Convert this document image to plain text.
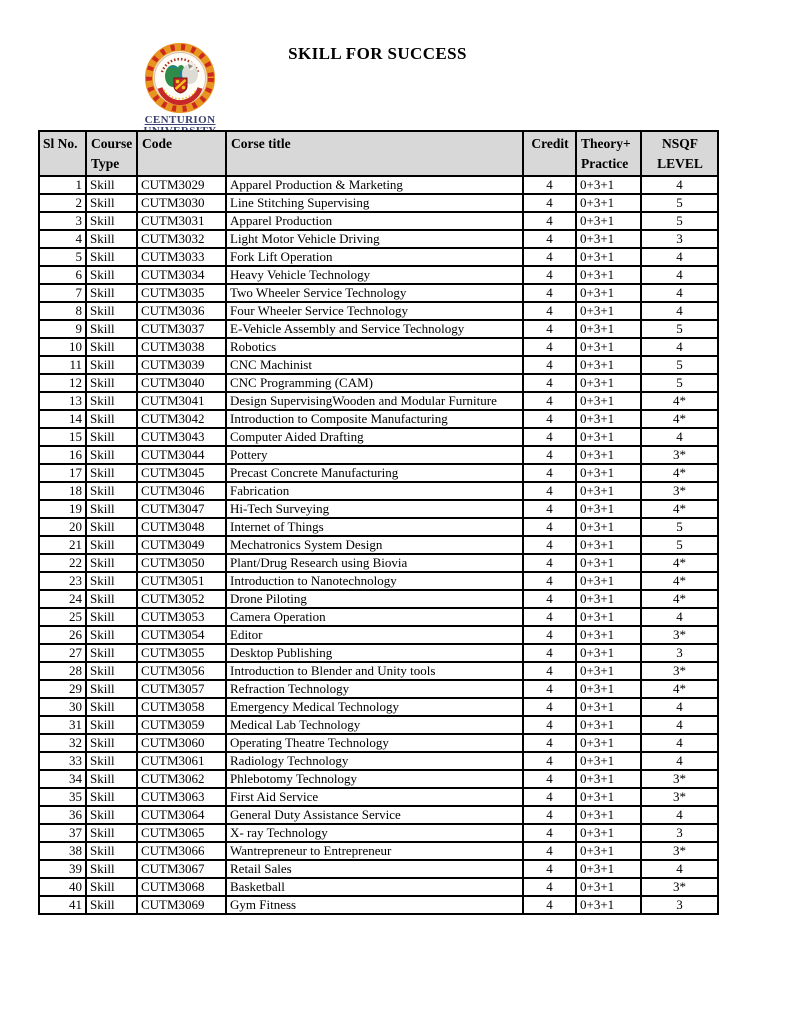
SKILL FOR SUCCESS
CENTURION
Sl No.	Course Type	Code	Corse title	Credit	Theory+ Practice	NSQF LEVEL
1	Skill	CUTM3029	Apparel Production & Marketing	4	0+3+1	4
2	Skill	CUTM3030	Line Stitching Supervising	4	0+3+1	5
3	Skill	CUTM3031	Apparel Production	4	0+3+1	5
4	Skill	CUTM3032	Light Motor Vehicle Driving	4	0+3+1	3
5	Skill	CUTM3033	Fork Lift Operation	4	0+3+1	4
6	Skill	CUTM3034	Heavy Vehicle Technology	4	0+3+1	4
7	Skill	CUTM3035	Two Wheeler Service Technology	4	0+3+1	4
8	Skill	CUTM3036	Four Wheeler Service Technology	4	0+3+1	4
9	Skill	CUTM3037	E-Vehicle Assembly and Service Technology	4	0+3+1	5
10	Skill	CUTM3038	Robotics	4	0+3+1	4
11	Skill	CUTM3039	CNC Machinist	4	0+3+1	5
12	Skill	CUTM3040	CNC Programming (CAM)	4	0+3+1	5
13	Skill	CUTM3041	Design SupervisingWooden and Modular Furniture	4	0+3+1	4*
14	Skill	CUTM3042	Introduction to Composite Manufacturing	4	0+3+1	4*
15	Skill	CUTM3043	Computer Aided Drafting	4	0+3+1	4
16	Skill	CUTM3044	Pottery	4	0+3+1	3*
17	Skill	CUTM3045	Precast Concrete Manufacturing	4	0+3+1	4*
18	Skill	CUTM3046	Fabrication	4	0+3+1	3*
19	Skill	CUTM3047	Hi-Tech Surveying	4	0+3+1	4*
20	Skill	CUTM3048	Internet of Things	4	0+3+1	5
21	Skill	CUTM3049	Mechatronics System Design	4	0+3+1	5
22	Skill	CUTM3050	Plant/Drug Research using Biovia	4	0+3+1	4*
23	Skill	CUTM3051	Introduction to Nanotechnology	4	0+3+1	4*
24	Skill	CUTM3052	Drone Piloting	4	0+3+1	4*
25	Skill	CUTM3053	Camera Operation	4	0+3+1	4
26	Skill	CUTM3054	Editor	4	0+3+1	3*
27	Skill	CUTM3055	Desktop Publishing	4	0+3+1	3
28	Skill	CUTM3056	Introduction to Blender and Unity tools	4	0+3+1	3*
29	Skill	CUTM3057	Refraction Technology	4	0+3+1	4*
30	Skill	CUTM3058	Emergency Medical Technology	4	0+3+1	4
31	Skill	CUTM3059	Medical Lab Technology	4	0+3+1	4
32	Skill	CUTM3060	Operating Theatre Technology	4	0+3+1	4
33	Skill	CUTM3061	Radiology Technology	4	0+3+1	4
34	Skill	CUTM3062	Phlebotomy Technology	4	0+3+1	3*
35	Skill	CUTM3063	First Aid Service	4	0+3+1	3*
36	Skill	CUTM3064	General Duty Assistance Service	4	0+3+1	4
37	Skill	CUTM3065	X- ray Technology	4	0+3+1	3
38	Skill	CUTM3066	Wantrepreneur to Entrepreneur	4	0+3+1	3*
39	Skill	CUTM3067	Retail Sales	4	0+3+1	4
40	Skill	CUTM3068	Basketball	4	0+3+1	3*
41	Skill	CUTM3069	Gym Fitness	4	0+3+1	3
